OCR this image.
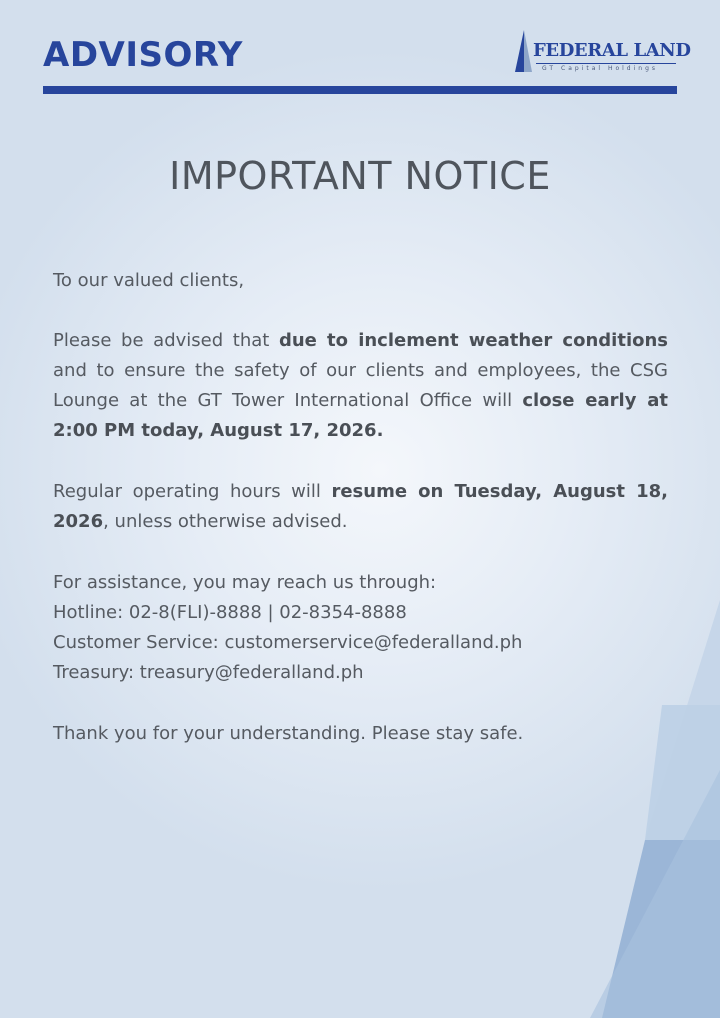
ADVISORY	FEDERAL LAND
GT Capital Holdings
IMPORTANT NOTICE

To our valued clients,

Please be advised that due to inclement weather conditions and to ensure the safety of our clients and employees, the CSG Lounge at the GT Tower International Office will close early at 2:00 PM today, August 17, 2026.

Regular operating hours will resume on Tuesday, August 18, 2026, unless otherwise advised.

For assistance, you may reach us through:

Hotline: 02-8(FLI)-8888 | 02-8354-8888

Customer Service: customerservice@federalland.ph

Treasury: treasury@federalland.ph

Thank you for your understanding. Please stay safe.
